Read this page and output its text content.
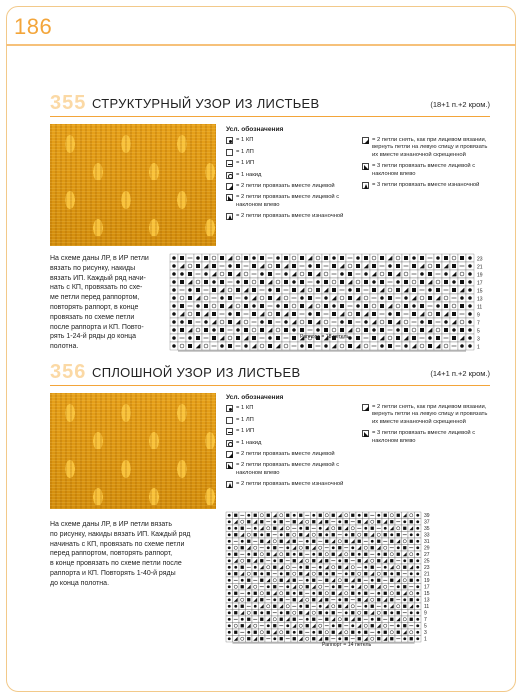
186
355 СТРУКТУРНЫЙ УЗОР ИЗ ЛИСТЬЕВ	(18+1 п.+2 кром.)
Усл. обозначения
= 1 КП
= 1 ЛП
= 1 ИП
= 1 накид
= 2 петли провязать вместе лицевой
= 2 петли провязать вместе лицевой с наклоном влево
= 2 петли провязать вместе изнаночной
= 2 петли снять, как при лицевом вязании, вернуть петли на левую спицу и провязать их вместе изнаночной скрещенной
= 3 петли провязать вместе лицевой с наклоном влево
= 3 петли провязать вместе изнаночной
На схеме даны ЛР, в ИР петли
вязать по рисунку, накиды
вязать ИП. Каждый ряд начи-
нать с КП, провязать по схе-
ме петли перед раппортом,
повторять раппорт, в конце
провязать по схеме петли
после раппорта и КП. Повто-
рять 1-24-й ряды до конца
полотна.
23
21
19
17
15
13
11
9
7
5
3
1
Раппорт = 18 петель
356 СПЛОШНОЙ УЗОР ИЗ ЛИСТЬЕВ	(14+1 п.+2 кром.)
Усл. обозначения
= 1 КП
= 1 ЛП
= 1 ИП
= 1 накид
= 2 петли провязать вместе лицевой
= 2 петли провязать вместе лицевой с наклоном влево
= 2 петли провязать вместе изнаночной
= 2 петли снять, как при лицевом вязании, вернуть петли на левую спицу и провязать их вместе изнаночной скрещенной
= 3 петли провязать вместе лицевой с наклоном влево
На схеме даны ЛР, в ИР петли вязать
по рисунку, накиды вязать ИП. Каждый ряд
начинать с КП, провязать по схеме петли
перед раппортом, повторять раппорт,
в конце провязать по схеме петли после
раппорта и КП. Повторять 1-40-й ряды
до конца полотна.
39
37
35
33
31
29
27
25
23
21
19
17
15
13
11
9
7
5
3
1
Раппорт = 14 петель
